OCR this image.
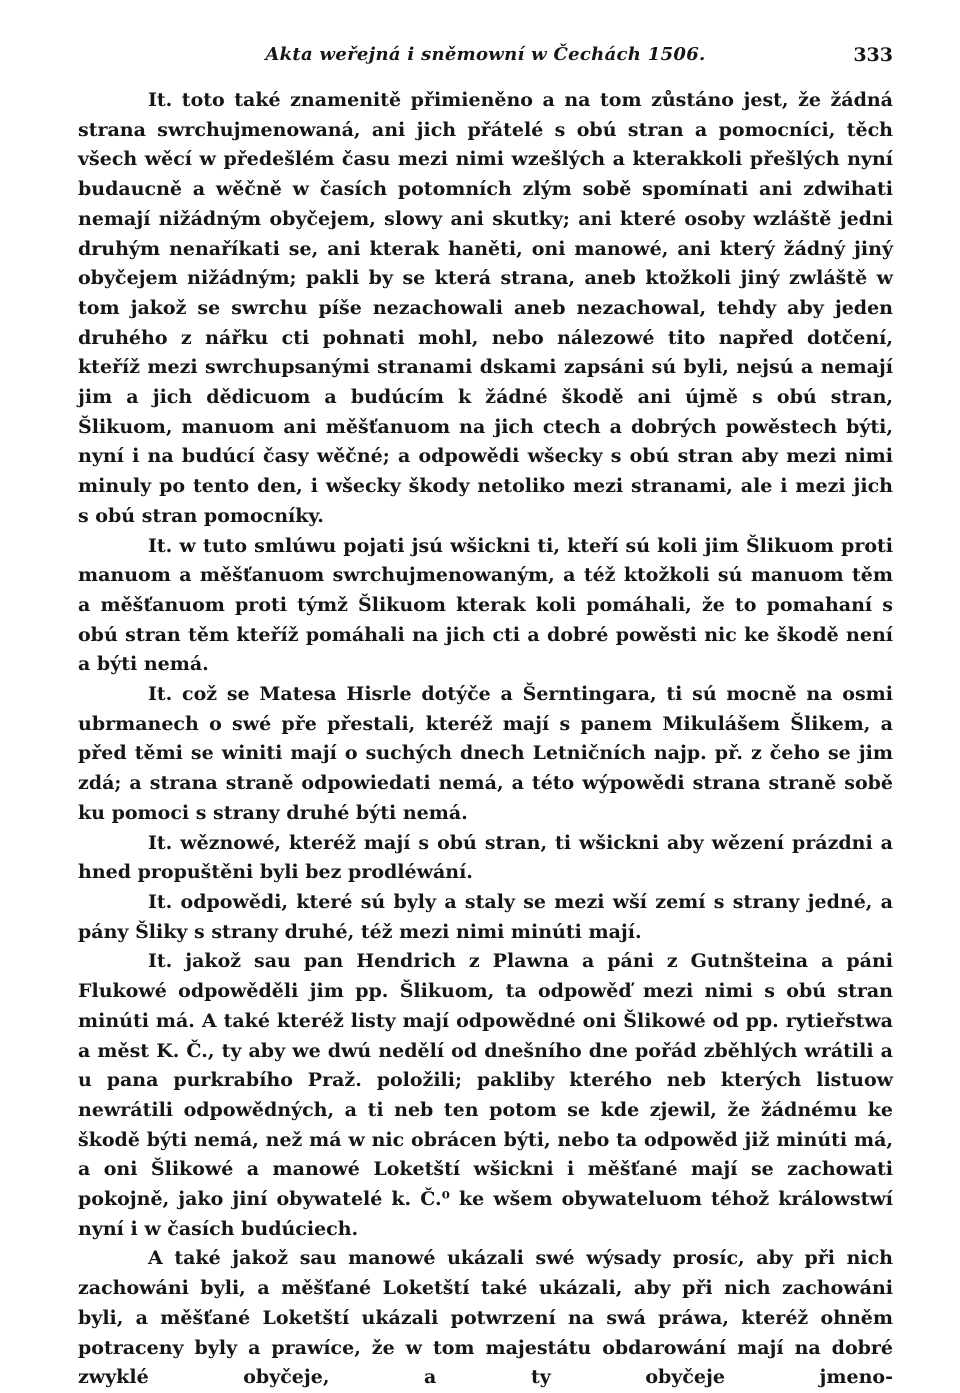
Akta weřejná i sněmowní w Čechách 1506.	333

It. toto také znamenitě přimieněno a na tom zůstáno jest, že žádná strana swrchujmenowaná, ani jich přátelé s obú stran a pomocníci, těch všech wěcí w předešlém času mezi nimi wzešlých a kterakkoli přešlých nyní budaucně a wěčně w časích potomních zlým sobě spomínati ani zdwihati nemají nižádným obyčejem, slowy ani skutky; ani které osoby wzláště jedni druhým nenaříkati se, ani kterak haněti, oni manowé, ani který žádný jiný obyčejem nižádným; pakli by se která strana, aneb ktožkoli jiný zwláště w tom jakož se swrchu píše nezachowali aneb nezachowal, tehdy aby jeden druhého z nářku cti pohnati mohl, nebo nálezowé tito napřed dotčení, kteříž mezi swrchupsanými stranami dskami zapsáni sú byli, nejsú a nemají jim a jich dědicuom a budúcím k žádné škodě ani újmě s obú stran, Šlikuom, manuom ani měšťanuom na jich ctech a dobrých powěstech býti, nyní i na budúcí časy wěčné; a odpowědi wšecky s obú stran aby mezi nimi minuly po tento den, i wšecky škody netoliko mezi stranami, ale i mezi jich s obú stran pomocníky.

It. w tuto smlúwu pojati jsú wšickni ti, kteří sú koli jim Šlikuom proti manuom a měšťanuom swrchujmenowaným, a též ktožkoli sú manuom těm a měšťanuom proti týmž Šlikuom kterak koli pomáhali, že to pomahaní s obú stran těm kteříž pomáhali na jich cti a dobré powěsti nic ke škodě není a býti nemá.

It. což se Matesa Hisrle dotýče a Šerntingara, ti sú mocně na osmi ubrmanech o swé pře přestali, kteréž mají s panem Mikulášem Šlikem, a před těmi se winiti mají o suchých dnech Letničních najp. př. z čeho se jim zdá; a strana straně odpowiedati nemá, a této wýpowědi strana straně sobě ku pomoci s strany druhé býti nemá.

It. wěznowé, kteréž mají s obú stran, ti wšickni aby wězení prázdni a hned propuštěni byli bez prodléwání.

It. odpowědi, které sú byly a staly se mezi wší zemí s strany jedné, a pány Šliky s strany druhé, též mezi nimi minúti mají.

It. jakož sau pan Hendrich z Plawna a páni z Gutnšteina a páni Flukowé odpowěděli jim pp. Šlikuom, ta odpowěď mezi nimi s obú stran minúti má. A také kteréž listy mají odpowědné oni Šlikowé od pp. rytieřstwa a měst K. Č., ty aby we dwú nedělí od dnešního dne pořád zběhlých wrátili a u pana purkrabího Praž. položili; pakliby kterého neb kterých listuow newrátili odpowědných, a ti neb ten potom se kde zjewil, že žádnému ke škodě býti nemá, než má w nic obrácen býti, nebo ta odpowěd již minúti má, a oni Šlikowé a manowé Loketští wšickni i měšťané mají se zachowati pokojně, jako jiní obywatelé k. Č.⁰ ke wšem obywateluom téhož králowstwí nyní i w časích budúciech.

A také jakož sau manowé ukázali swé wýsady prosíc, aby při nich zachowáni byli, a měšťané Loketští také ukázali, aby při nich zachowáni byli, a měšťané Loketští ukázali potwrzení na swá práwa, kteréž ohněm potraceny byly a prawíce, že w tom majestátu obdarowání mají na dobré zwyklé obyčeje, a ty obyčeje jmeno-
